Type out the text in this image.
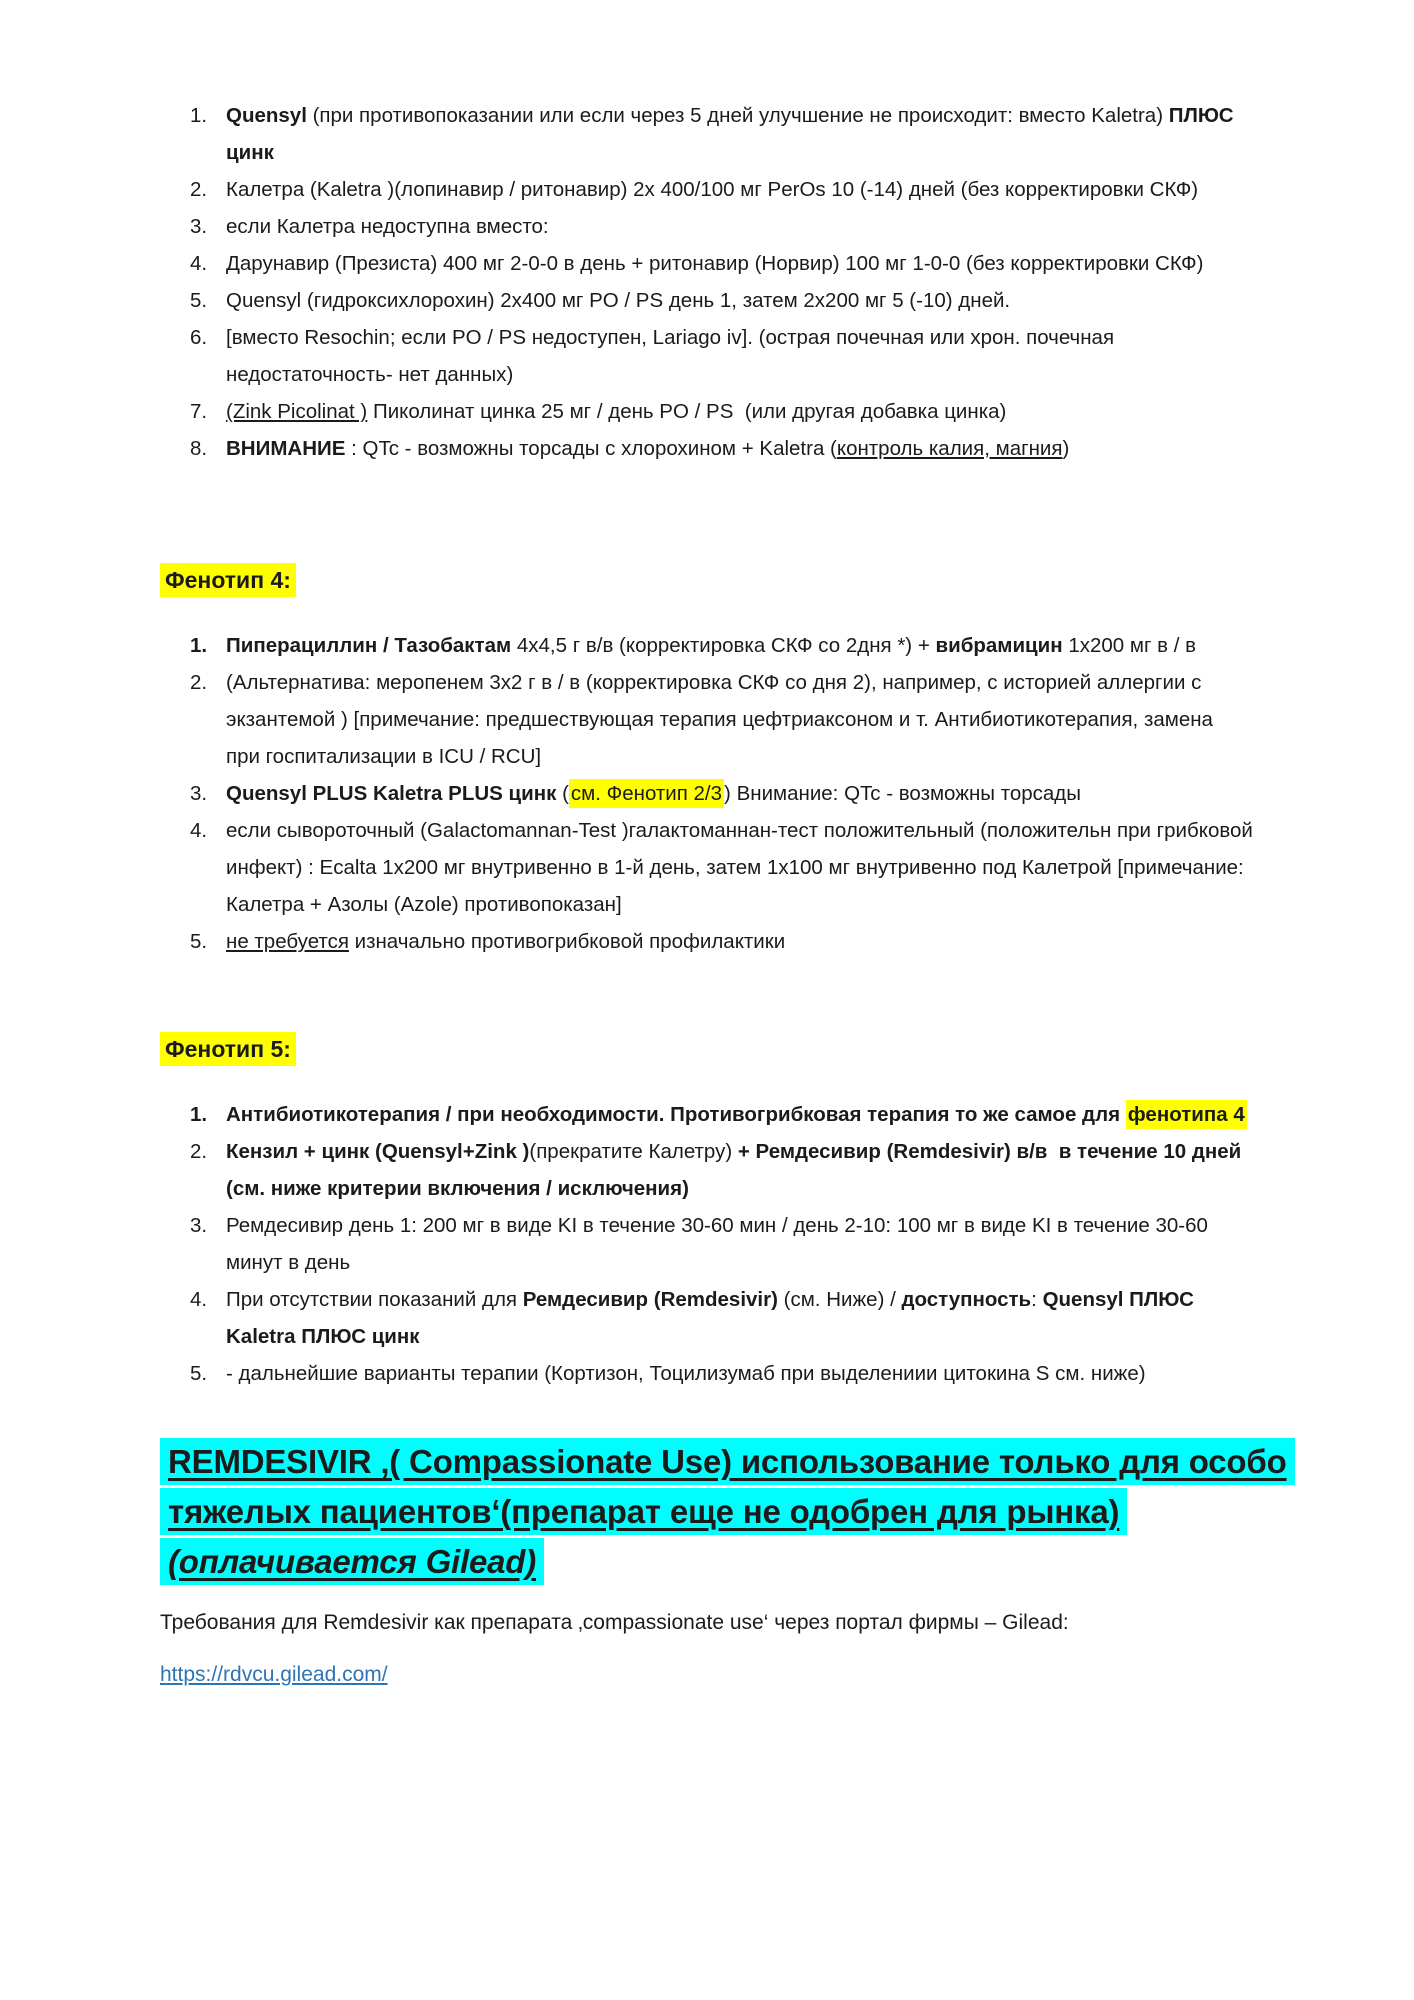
1. Quensyl (при противопоказании или если через 5 дней улучшение не происходит: вместо Kaletra) ПЛЮС цинк
2. Калетра (Kaletra )(лопинавир / ритонавир) 2х 400/100 мг PerOs 10 (-14) дней (без корректировки СКФ)
3. если Калетра недоступна вместо:
4. Дарунавир (Презиста) 400 мг 2-0-0 в день + ритонавир (Норвир) 100 мг 1-0-0 (без корректировки СКФ)
5. Quensyl (гидроксихлорохин) 2х400 мг PO / PS день 1, затем 2х200 мг 5 (-10) дней.
6. [вместо Resochin; если PO / PS недоступен, Lariago iv]. (острая почечная или хрон. почечная недостаточность- нет данных)
7. (Zink Picolinat ) Пиколинат цинка 25 мг / день PO / PS  (или другая добавка цинка)
8. ВНИМАНИЕ : QTc - возможны торсады с хлорохином + Kaletra (контроль калия, магния)
Фенотип 4:
1. Пиперациллин / Тазобактам 4х4,5 г в/в (корректировка СКФ со 2дня *) + вибрамицин 1х200 мг в / в
2. (Альтернатива: меропенем 3х2 г в / в (корректировка СКФ со дня 2), например, с историей аллергии с экзантемой ) [примечание: предшествующая терапия цефтриаксоном и т. Антибиотикотерапия, замена  при госпитализации в ICU / RCU]
3. Quensyl PLUS Kaletra PLUS цинк (см. Фенотип 2/3) Внимание: QTc - возможны торсады
4. если сывороточный (Galactomannan-Test )галактоманнан-тест положительный (положительн при грибковой инфект) : Ecalta 1х200 мг внутривенно в 1-й день, затем 1х100 мг внутривенно под Калетрой [примечание: Калетра + Азолы (Azole) противопоказан]
5. не требуется изначально противогрибковой профилактики
Фенотип 5:
1. Антибиотикотерапия / при необходимости. Противогрибковая терапия то же самое для фенотипа 4
2. Кензил + цинк (Quensyl+Zink )(прекратите Калетру) + Ремдесивир (Remdesivir) в/в  в течение 10 дней (см. ниже критерии включения / исключения)
3. Ремдесивир день 1: 200 мг в виде KI в течение 30-60 мин / день 2-10: 100 мг в виде KI в течение 30-60 минут в день
4. При отсутствии показаний для Ремдесивир (Remdesivir) (см. Ниже) / доступность: Quensyl ПЛЮС Kaletra ПЛЮС цинк
5. - дальнейшие варианты терапии (Кортизон, Тоцилизумаб при выделениии цитокина S см. ниже)
REMDESIVIR ‚( Compassionate Use) использование только для особо тяжелых пациентов‘(препарат еще не одобрен для рынка) (оплачивается Gilead)

Требования для Remdesivir как препарата ‚compassionate use‘ через портал фирмы – Gilead:

https://rdvcu.gilead.com/
